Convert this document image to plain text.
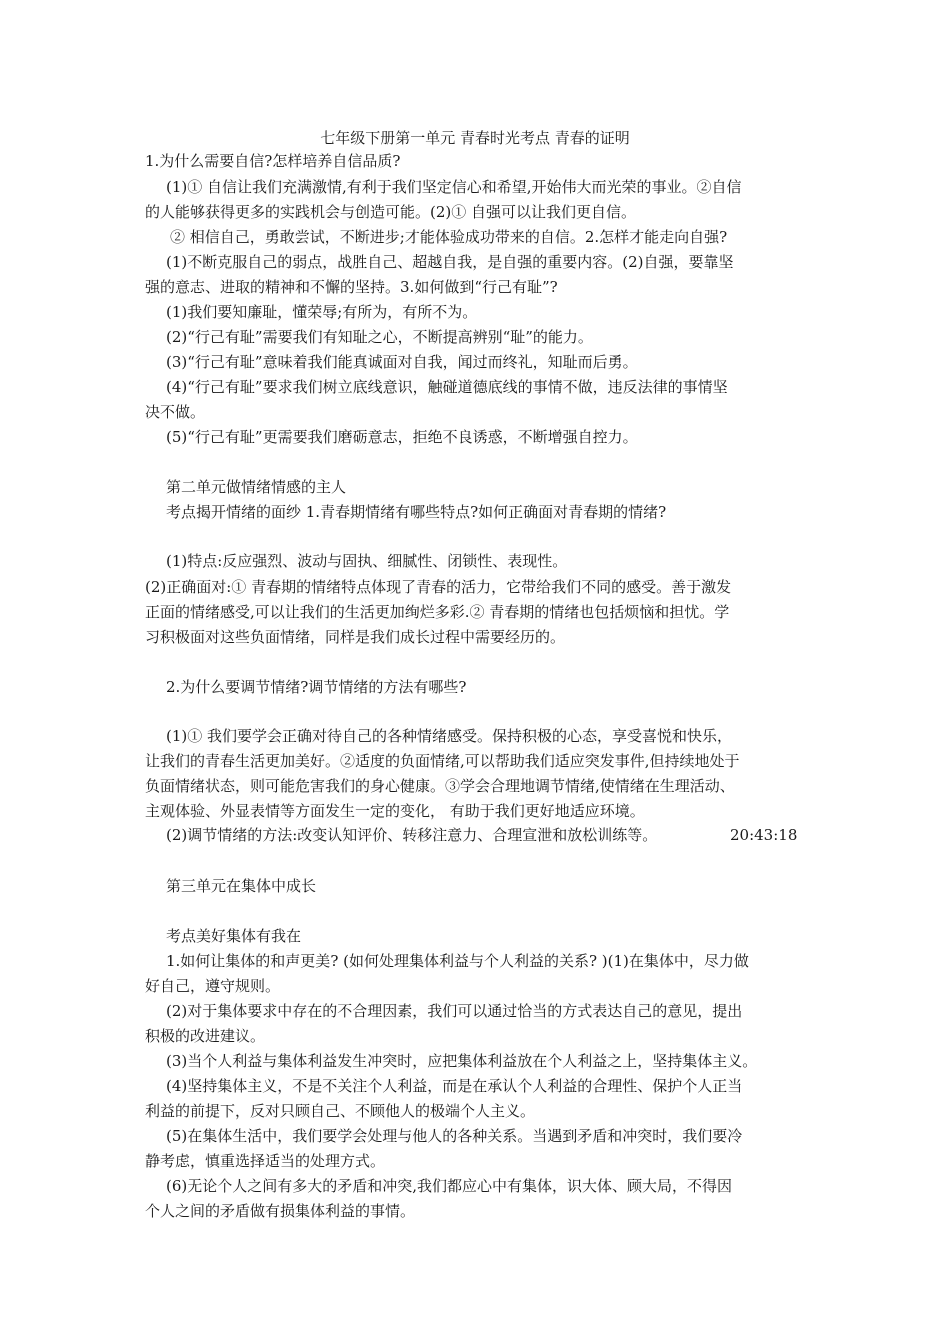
七年级下册第一单元 青春时光考点 青春的证明
1.为什么需要自信?怎样培养自信品质?
(1)① 自信让我们充满激情,有利于我们坚定信心和希望,开始伟大而光荣的事业。②自信
的人能够获得更多的实践机会与创造可能。(2)① 自强可以让我们更自信。
② 相信自己，勇敢尝试，不断进步;才能体验成功带来的自信。2.怎样才能走向自强?
(1)不断克服自己的弱点，战胜自己、超越自我，是自强的重要内容。(2)自强，要靠坚
强的意志、进取的精神和不懈的坚持。3.如何做到“行己有耻”?
(1)我们要知廉耻，懂荣辱;有所为，有所不为。
(2)“行己有耻”需要我们有知耻之心，不断提高辨别“耻”的能力。
(3)“行己有耻”意味着我们能真诚面对自我，闻过而终礼，知耻而后勇。
(4)“行己有耻”要求我们树立底线意识，触碰道德底线的事情不做，违反法律的事情坚
决不做。
(5)“行己有耻”更需要我们磨砺意志，拒绝不良诱惑，不断增强自控力。
第二单元做情绪情感的主人
考点揭开情绪的面纱 1.青春期情绪有哪些特点?如何正确面对青春期的情绪?
(1)特点:反应强烈、波动与固执、细腻性、闭锁性、表现性。
(2)正确面对:① 青春期的情绪特点体现了青春的活力，它带给我们不同的感受。善于激发
正面的情绪感受,可以让我们的生活更加绚烂多彩.② 青春期的情绪也包括烦恼和担忧。学
习积极面对这些负面情绪，同样是我们成长过程中需要经历的。
2.为什么要调节情绪?调节情绪的方法有哪些?
(1)① 我们要学会正确对待自己的各种情绪感受。保持积极的心态，享受喜悦和快乐，
让我们的青春生活更加美好。②适度的负面情绪,可以帮助我们适应突发事件,但持续地处于
负面情绪状态，则可能危害我们的身心健康。③学会合理地调节情绪,使情绪在生理活动、
主观体验、外显表情等方面发生一定的变化， 有助于我们更好地适应环境。
(2)调节情绪的方法:改变认知评价、转移注意力、合理宣泄和放松训练等。	20:43:18
第三单元在集体中成长
考点美好集体有我在
1.如何让集体的和声更美? (如何处理集体利益与个人利益的关系? )(1)在集体中，尽力做
好自己，遵守规则。
(2)对于集体要求中存在的不合理因素，我们可以通过恰当的方式表达自己的意见，提出
积极的改进建议。
(3)当个人利益与集体利益发生冲突时，应把集体利益放在个人利益之上，坚持集体主义。
(4)坚持集体主义，不是不关注个人利益，而是在承认个人利益的合理性、保护个人正当
利益的前提下，反对只顾自己、不顾他人的极端个人主义。
(5)在集体生活中，我们要学会处理与他人的各种关系。当遇到矛盾和冲突时，我们要冷
静考虑，慎重选择适当的处理方式。
(6)无论个人之间有多大的矛盾和冲突,我们都应心中有集体，识大体、顾大局，不得因
个人之间的矛盾做有损集体利益的事情。
